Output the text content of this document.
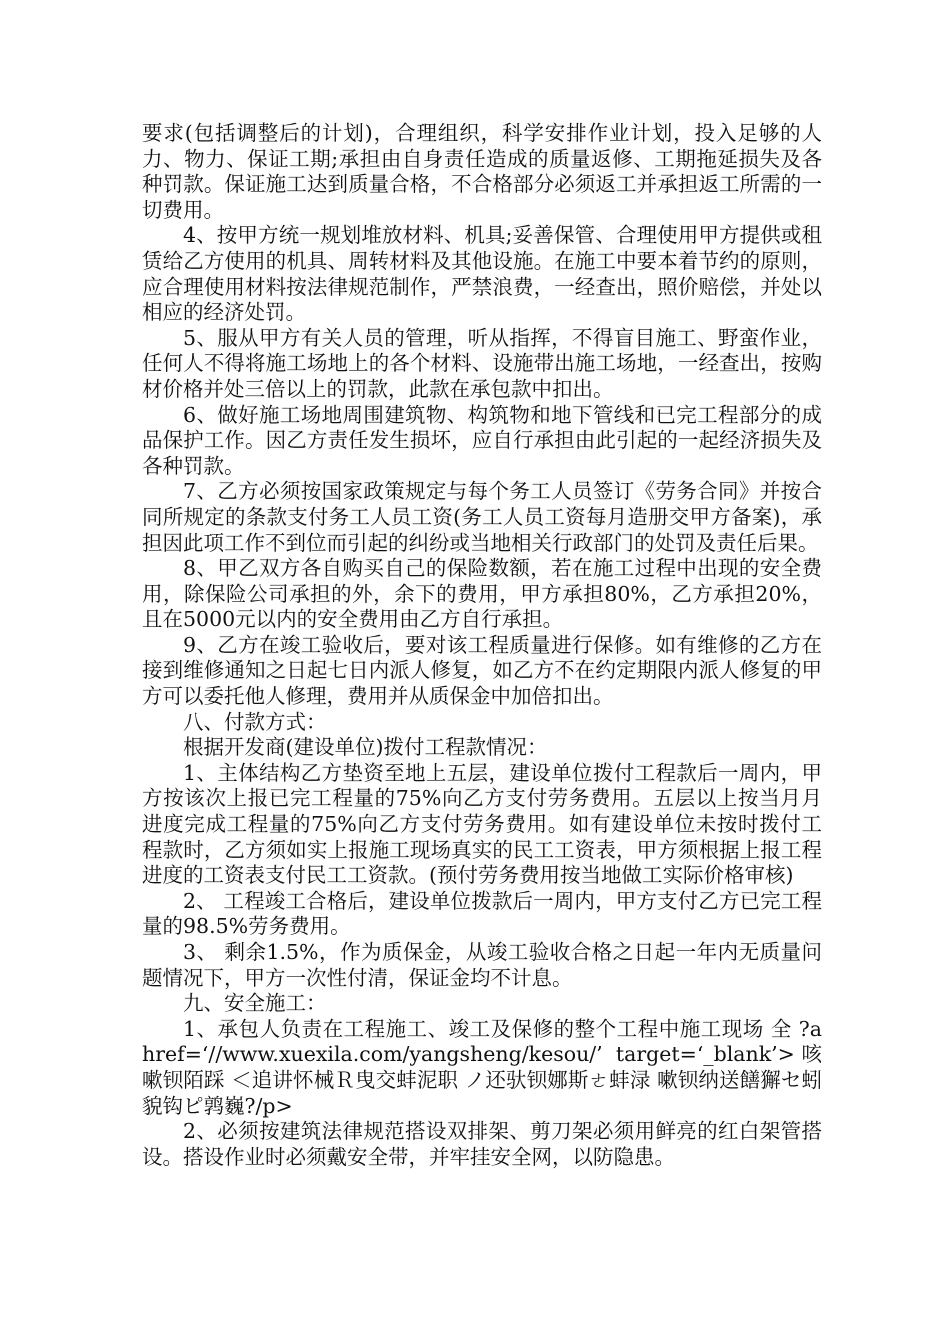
要求(包括调整后的计划)，合理组织，科学安排作业计划，投入足够的人力、物力、保证工期;承担由自身责任造成的质量返修、工期拖延损失及各种罚款。保证施工达到质量合格，不合格部分必须返工并承担返工所需的一切费用。

4、按甲方统一规划堆放材料、机具;妥善保管、合理使用甲方提供或租赁给乙方使用的机具、周转材料及其他设施。在施工中要本着节约的原则，应合理使用材料按法律规范制作，严禁浪费，一经查出，照价赔偿，并处以相应的经济处罚。

5、服从甲方有关人员的管理，听从指挥，不得盲目施工、野蛮作业，任何人不得将施工场地上的各个材料、设施带出施工场地，一经查出，按购材价格并处三倍以上的罚款，此款在承包款中扣出。

6、做好施工场地周围建筑物、构筑物和地下管线和已完工程部分的成品保护工作。因乙方责任发生损坏，应自行承担由此引起的一起经济损失及各种罚款。

7、乙方必须按国家政策规定与每个务工人员签订《劳务合同》并按合同所规定的条款支付务工人员工资(务工人员工资每月造册交甲方备案)，承担因此项工作不到位而引起的纠纷或当地相关行政部门的处罚及责任后果。

8、甲乙双方各自购买自己的保险数额，若在施工过程中出现的安全费用，除保险公司承担的外，余下的费用，甲方承担80%，乙方承担20%，且在5000元以内的安全费用由乙方自行承担。

9、乙方在竣工验收后，要对该工程质量进行保修。如有维修的乙方在接到维修通知之日起七日内派人修复，如乙方不在约定期限内派人修复的甲方可以委托他人修理，费用并从质保金中加倍扣出。

八、付款方式：

根据开发商(建设单位)拨付工程款情况：

1、主体结构乙方垫资至地上五层，建设单位拨付工程款后一周内，甲方按该次上报已完工程量的75%向乙方支付劳务费用。五层以上按当月月进度完成工程量的75%向乙方支付劳务费用。如有建设单位未按时拨付工程款时，乙方须如实上报施工现场真实的民工工资表，甲方须根据上报工程进度的工资表支付民工工资款。(预付劳务费用按当地做工实际价格审核)

2、 工程竣工合格后，建设单位拨款后一周内，甲方支付乙方已完工程量的98.5%劳务费用。

3、 剩余1.5%，作为质保金，从竣工验收合格之日起一年内无质量问题情况下，甲方一次性付清，保证金均不计息。

九、安全施工：

1、承包人负责在工程施工、竣工及保修的整个工程中施工现场 全 ?a href=‘//www.xuexila.com/yangsheng/kesou/’ target=‘_blank’>咳嗽钡陌踩 ＜追讲怀械Ｒ曳交蚌泥职 ノ还驮钡娜斯ㄜ蚌渌 嗽钡纳送饍獬セ蚓 貌钩ピ鹑巍?/p>

2、必须按建筑法律规范搭设双排架、剪刀架必须用鲜亮的红白架管搭设。搭设作业时必须戴安全带，并牢挂安全网，以防隐患。
